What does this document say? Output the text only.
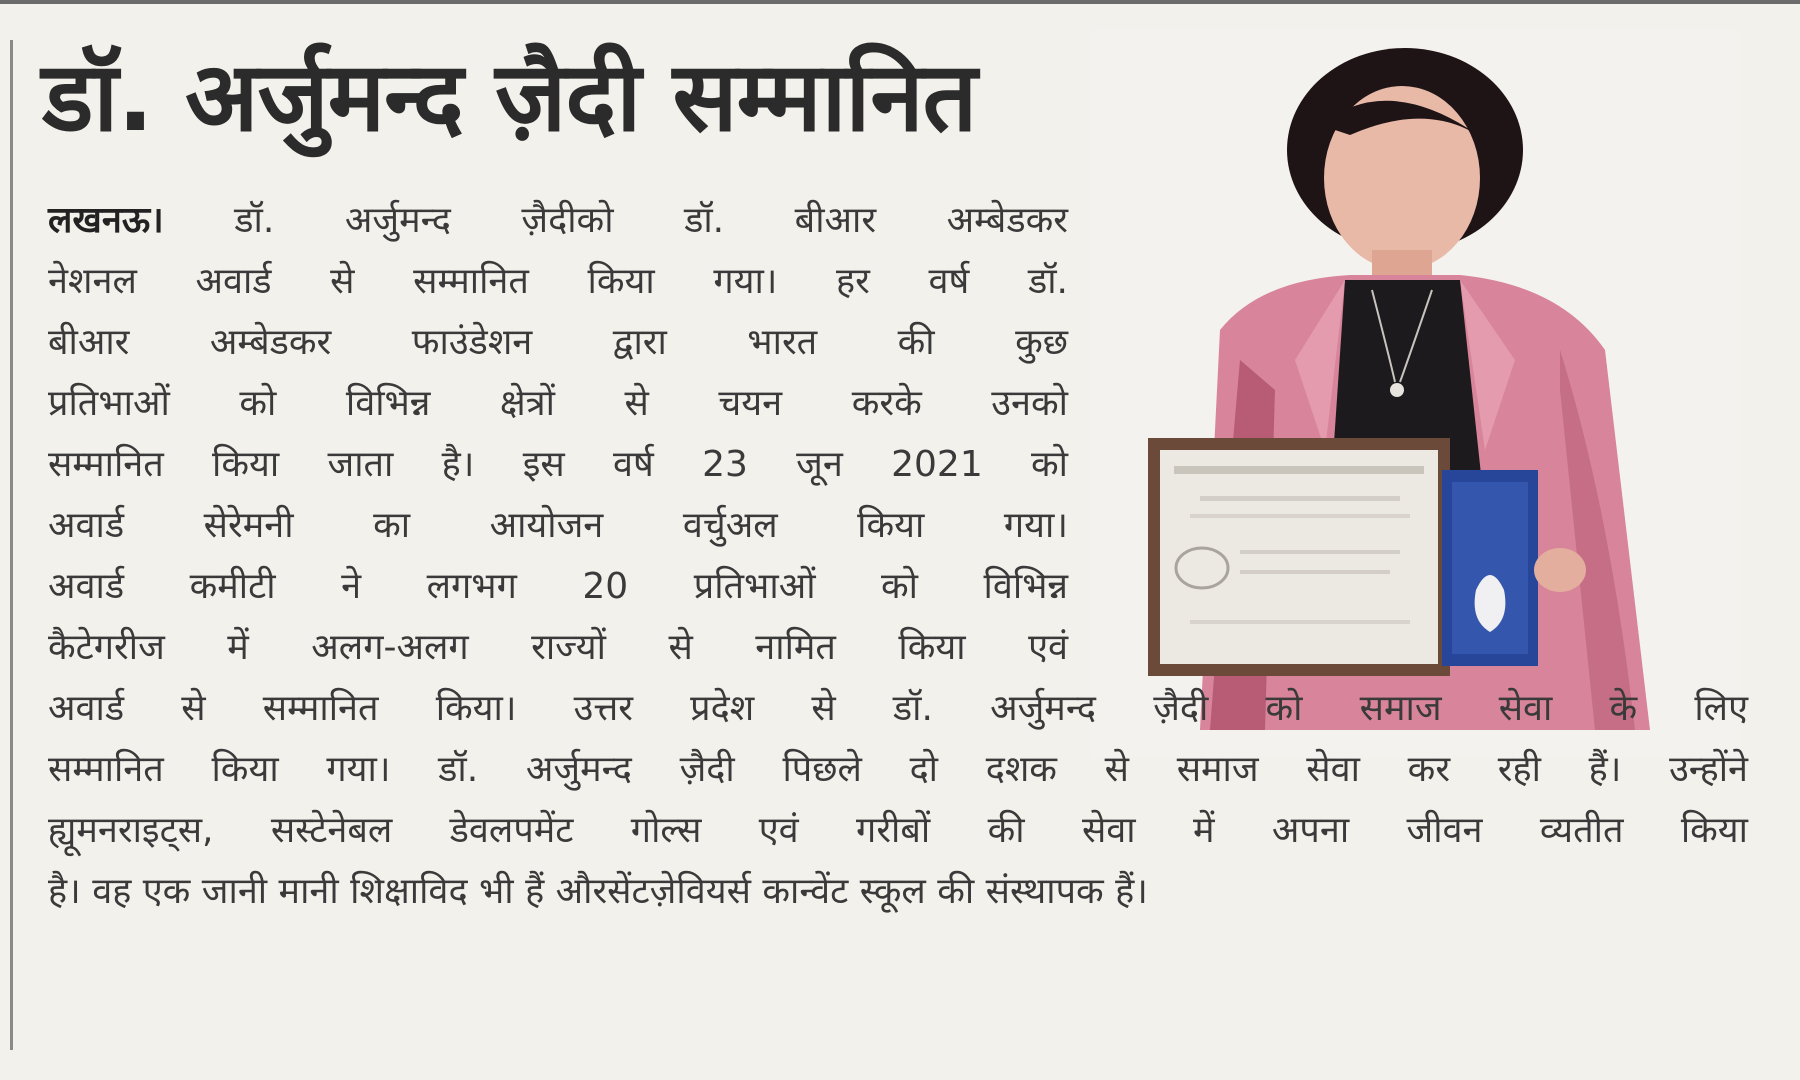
डॉ. अर्जुमन्द ज़ैदी सम्मानित
लखनऊ। डॉ. अर्जुमन्द ज़ैदीको डॉ. बीआर अम्बेडकर
नेशनल अवार्ड से सम्मानित किया गया। हर वर्ष डॉ.
बीआर अम्बेडकर फाउंडेशन द्वारा भारत की कुछ
प्रतिभाओं को विभिन्न क्षेत्रों से चयन करके उनको
सम्मानित किया जाता है। इस वर्ष 23 जून 2021 को
अवार्ड सेरेमनी का आयोजन वर्चुअल किया गया।
अवार्ड कमीटी ने लगभग 20 प्रतिभाओं को विभिन्न
कैटेगरीज में अलग-अलग राज्यों से नामित किया एवं
अवार्ड से सम्मानित किया। उत्तर प्रदेश से डॉ. अर्जुमन्द ज़ैदी को समाज सेवा के लिए
सम्मानित किया गया। डॉ. अर्जुमन्द ज़ैदी पिछले दो दशक से समाज सेवा कर रही हैं। उन्होंने
ह्यूमनराइट्स, सस्टेनेबल डेवलपमेंट गोल्स एवं गरीबों की सेवा में अपना जीवन व्यतीत किया
है। वह एक जानी मानी शिक्षाविद भी हैं औरसेंटज़ेवियर्स कान्वेंट स्कूल की संस्थापक हैं।
